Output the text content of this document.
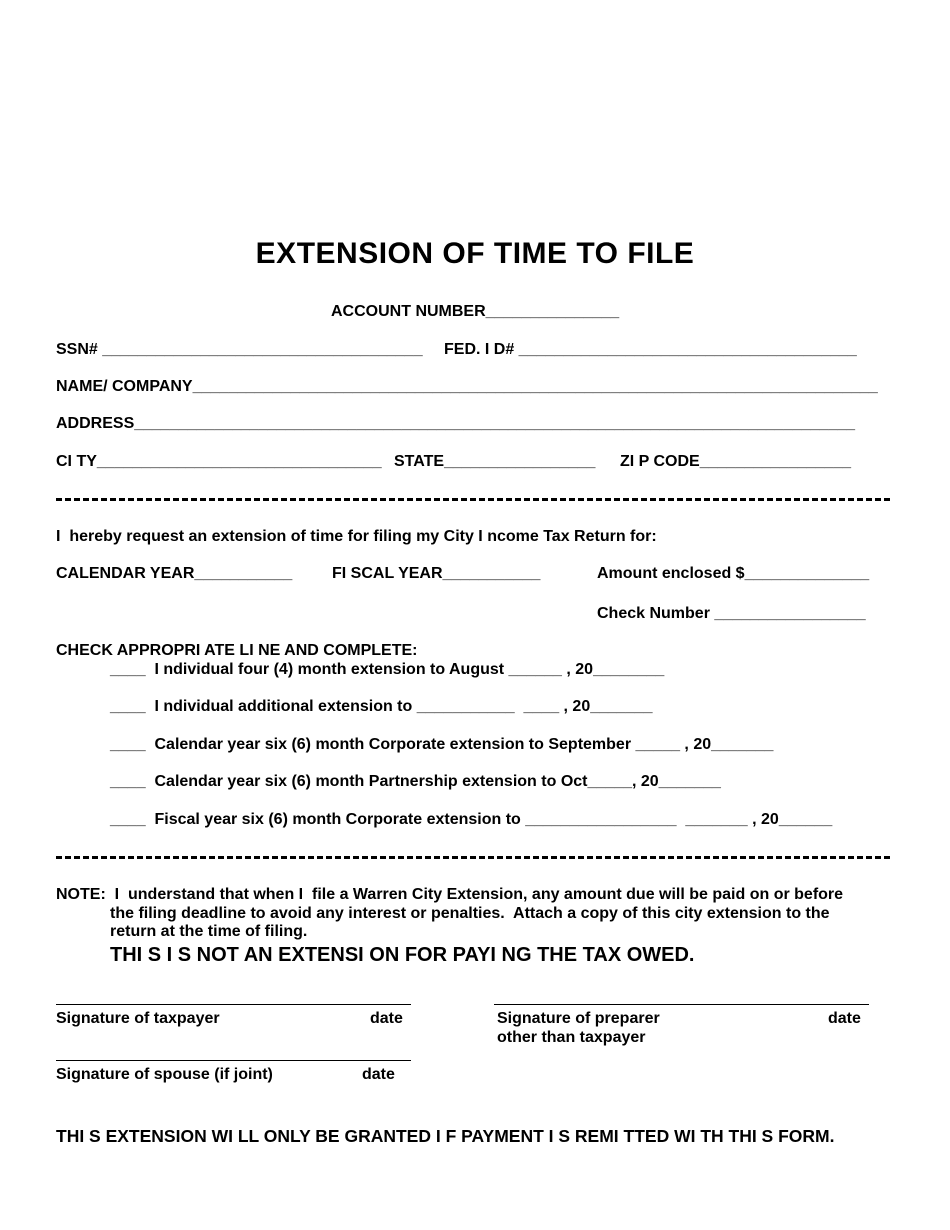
EXTENSION OF TIME TO FILE
ACCOUNT NUMBER_______________
SSN# ____________________________________ FED. I D# ______________________________________
NAME/ COMPANY_____________________________________________________________________________
ADDRESS_________________________________________________________________________________
CI TY________________________________ STATE_________________ ZI P CODE_________________
I  hereby request an extension of time for filing my City I ncome Tax Return for:
CALENDAR YEAR___________ FI SCAL YEAR___________	Amount enclosed $______________
Check Number _________________
CHECK APPROPRI ATE LI NE AND COMPLETE:
____  I ndividual four (4) month extension to August ______ , 20________
____  I ndividual additional extension to ___________  ____ , 20_______
____  Calendar year six (6) month Corporate extension to September _____ , 20_______
____  Calendar year six (6) month Partnership extension to Oct_____, 20_______
____  Fiscal year six (6) month Corporate extension to _________________  _______ , 20______
NOTE:  I  understand that when I  file a Warren City Extension, any amount due will be paid on or before
the filing deadline to avoid any interest or penalties.  Attach a copy of this city extension to the
return at the time of filing.
THI S I S NOT AN EXTENSI ON FOR PAYI NG THE TAX OWED.
Signature of taxpayer	date	Signature of preparer	date
other than taxpayer
Signature of spouse (if joint)	date
THI S EXTENSION WI LL ONLY BE GRANTED I F PAYMENT I S REMI TTED WI TH THI S FORM.
